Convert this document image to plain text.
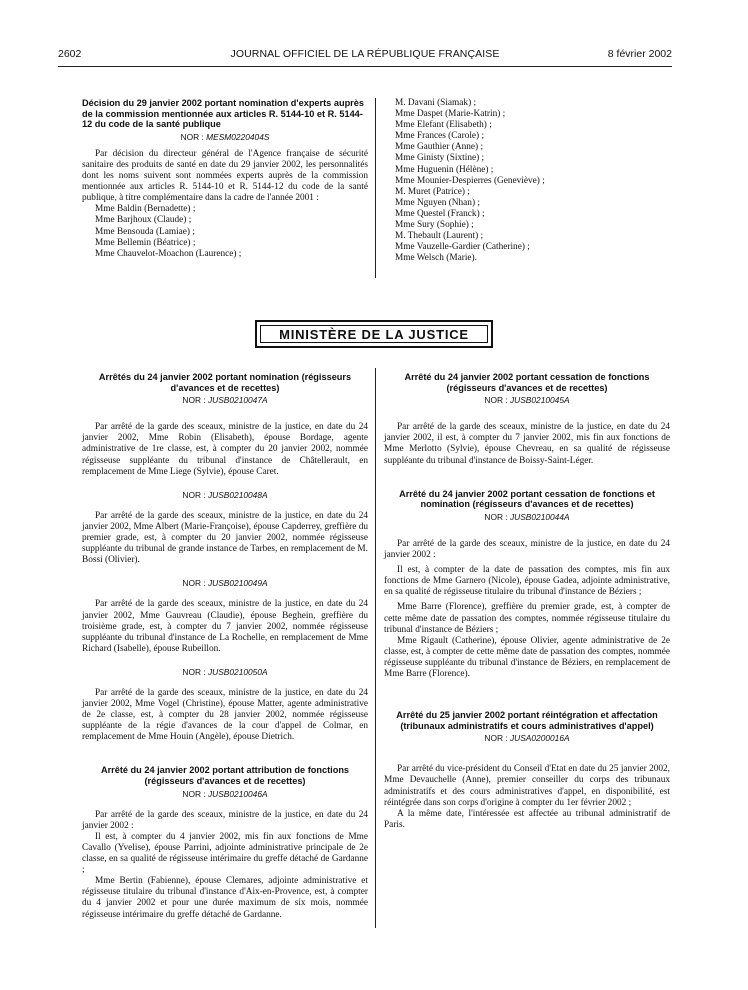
2602	JOURNAL OFFICIEL DE LA RÉPUBLIQUE FRANÇAISE	8 février 2002
Décision du 29 janvier 2002 portant nomination d'experts auprès de la commission mentionnée aux articles R. 5144-10 et R. 5144-12 du code de la santé publique
NOR : MESM0220404S

Par décision du directeur général de l'Agence française de sécurité sanitaire des produits de santé en date du 29 janvier 2002, les personnalités dont les noms suivent sont nommées experts auprès de la commission mentionnée aux articles R. 5144-10 et R. 5144-12 du code de la santé publique, à titre complémentaire dans la cadre de l'année 2001 :

Mme Baldin (Bernadette) ;
Mme Barjhoux (Claude) ;
Mme Bensouda (Lamiae) ;
Mme Bellemin (Béatrice) ;
Mme Chauvelot-Moachon (Laurence) ;
M. Davani (Siamak) ;
Mme Daspet (Marie-Katrin) ;
Mme Elefant (Elisabeth) ;
Mme Frances (Carole) ;
Mme Gauthier (Anne) ;
Mme Ginisty (Sixtine) ;
Mme Huguenin (Hélène) ;
Mme Mounier-Despierres (Geneviève) ;
M. Muret (Patrice) ;
Mme Nguyen (Nhan) ;
Mme Questel (Franck) ;
Mme Sury (Sophie) ;
M. Thebault (Laurent) ;
Mme Vauzelle-Gardier (Catherine) ;
Mme Welsch (Marie).
MINISTÈRE DE LA JUSTICE
Arrêtés du 24 janvier 2002 portant nomination (régisseurs d'avances et de recettes)
NOR : JUSB0210047A

Par arrêté de la garde des sceaux, ministre de la justice, en date du 24 janvier 2002, Mme Robin (Elisabeth), épouse Bordage, agente administrative de 1re classe, est, à compter du 20 janvier 2002, nommée régisseuse suppléante du tribunal d'instance de Châtellerault, en remplacement de Mme Liege (Sylvie), épouse Caret.

NOR : JUSB0210048A

Par arrêté de la garde des sceaux, ministre de la justice, en date du 24 janvier 2002, Mme Albert (Marie-Françoise), épouse Capderrey, greffière du premier grade, est, à compter du 20 janvier 2002, nommée régisseuse suppléante du tribunal de grande instance de Tarbes, en remplacement de M. Bossi (Olivier).

NOR : JUSB0210049A

Par arrêté de la garde des sceaux, ministre de la justice, en date du 24 janvier 2002, Mme Gauvreau (Claudie), épouse Beghein, greffière du troisième grade, est, à compter du 7 janvier 2002, nommée régisseuse suppléante du tribunal d'instance de La Rochelle, en remplacement de Mme Richard (Isabelle), épouse Rubeillon.

NOR : JUSB0210050A

Par arrêté de la garde des sceaux, ministre de la justice, en date du 24 janvier 2002, Mme Vogel (Christine), épouse Matter, agente administrative de 2e classe, est, à compter du 28 janvier 2002, nommée régisseuse suppléante de la régie d'avances de la cour d'appel de Colmar, en remplacement de Mme Houin (Angèle), épouse Dietrich.

Arrêté du 24 janvier 2002 portant attribution de fonctions (régisseurs d'avances et de recettes)
NOR : JUSB0210046A

Par arrêté de la garde des sceaux, ministre de la justice, en date du 24 janvier 2002 :

Il est, à compter du 4 janvier 2002, mis fin aux fonctions de Mme Cavallo (Yvelise), épouse Parrini, adjointe administrative principale de 2e classe, en sa qualité de régisseuse intérimaire du greffe détaché de Gardanne ;

Mme Bertin (Fabienne), épouse Clemares, adjointe administrative et régisseuse titulaire du tribunal d'instance d'Aix-en-Provence, est, à compter du 4 janvier 2002 et pour une durée maximum de six mois, nommée régisseuse intérimaire du greffe détaché de Gardanne.

Arrêté du 24 janvier 2002 portant cessation de fonctions (régisseurs d'avances et de recettes)
NOR : JUSB0210045A

Par arrêté de la garde des sceaux, ministre de la justice, en date du 24 janvier 2002, il est, à compter du 7 janvier 2002, mis fin aux fonctions de Mme Merlotto (Sylvie), épouse Chevreau, en sa qualité de régisseuse suppléante du tribunal d'instance de Boissy-Saint-Léger.

Arrêté du 24 janvier 2002 portant cessation de fonctions et nomination (régisseurs d'avances et de recettes)
NOR : JUSB0210044A

Par arrêté de la garde des sceaux, ministre de la justice, en date du 24 janvier 2002 :

Il est, à compter de la date de passation des comptes, mis fin aux fonctions de Mme Garnero (Nicole), épouse Gadea, adjointe administrative, en sa qualité de régisseuse titulaire du tribunal d'instance de Béziers ;

Mme Barre (Florence), greffière du premier grade, est, à compter de cette même date de passation des comptes, nommée régisseuse titulaire du tribunal d'instance de Béziers ;

Mme Rigault (Catherine), épouse Olivier, agente administrative de 2e classe, est, à compter de cette même date de passation des comptes, nommée régisseuse suppléante du tribunal d'instance de Béziers, en remplacement de Mme Barre (Florence).

Arrêté du 25 janvier 2002 portant réintégration et affectation (tribunaux administratifs et cours administratives d'appel)
NOR : JUSA0200016A

Par arrêté du vice-président du Conseil d'Etat en date du 25 janvier 2002, Mme Devauchelle (Anne), premier conseiller du corps des tribunaux administratifs et des cours administratives d'appel, en disponibilité, est réintégrée dans son corps d'origine à compter du 1er février 2002 ;

A la même date, l'intéressée est affectée au tribunal administratif de Paris.
